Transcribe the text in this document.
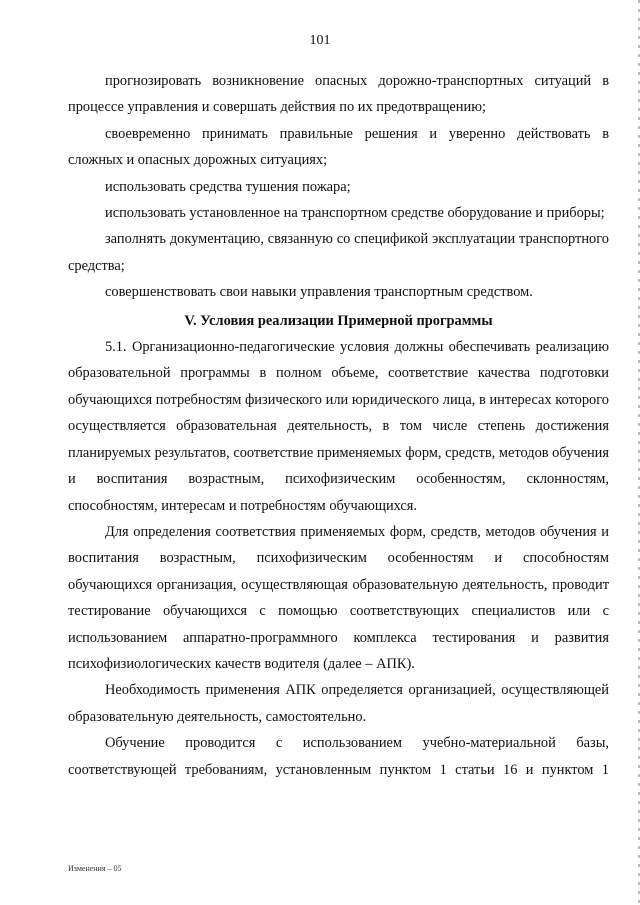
101

прогнозировать возникновение опасных дорожно-транспортных ситуаций в процессе управления и совершать действия по их предотвращению;

своевременно принимать правильные решения и уверенно действовать в сложных и опасных дорожных ситуациях;

использовать средства тушения пожара;

использовать установленное на транспортном средстве оборудование и приборы;

заполнять документацию, связанную со спецификой эксплуатации транспортного средства;

совершенствовать свои навыки управления транспортным средством.

V. Условия реализации Примерной программы

5.1. Организационно-педагогические условия должны обеспечивать реализацию образовательной программы в полном объеме, соответствие качества подготовки обучающихся потребностям физического или юридического лица, в интересах которого осуществляется образовательная деятельность, в том числе степень достижения планируемых результатов, соответствие применяемых форм, средств, методов обучения и воспитания возрастным, психофизическим особенностям, склонностям, способностям, интересам и потребностям обучающихся.

Для определения соответствия применяемых форм, средств, методов обучения и воспитания возрастным, психофизическим особенностям и способностям обучающихся организация, осуществляющая образовательную деятельность, проводит тестирование обучающихся с помощью соответствующих специалистов или с использованием аппаратно-программного комплекса тестирования и развития психофизиологических качеств водителя (далее – АПК).

Необходимость применения АПК определяется организацией, осуществляющей образовательную деятельность, самостоятельно.

Обучение проводится с использованием учебно-материальной базы, соответствующей требованиям, установленным пунктом 1 статьи 16 и пунктом 1

Изменения – 05
